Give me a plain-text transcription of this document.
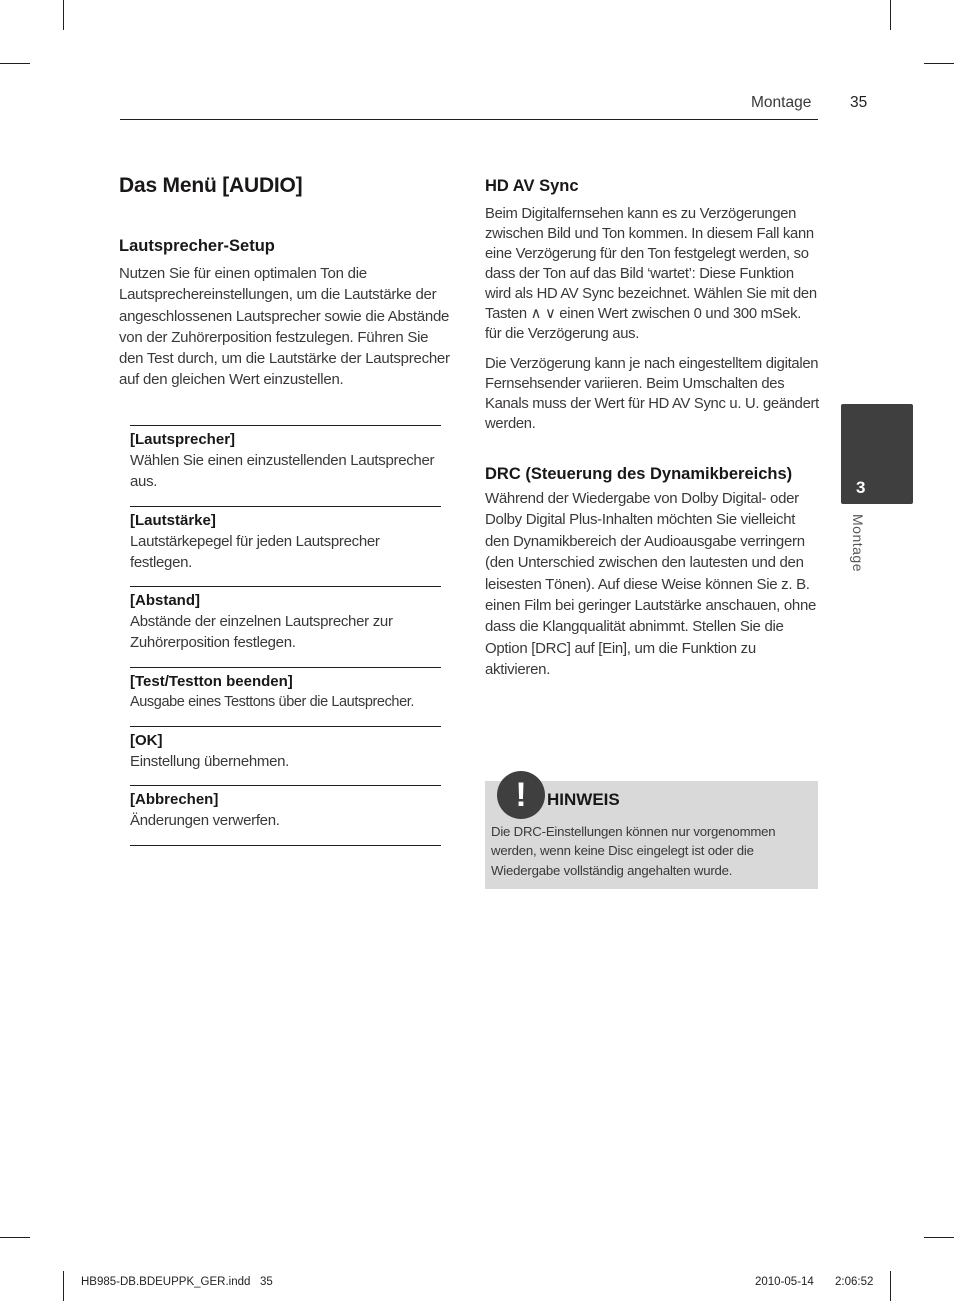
Montage 35
Das Menü [AUDIO]
Lautsprecher-Setup

Nutzen Sie für einen optimalen Ton die Lautsprechereinstellungen, um die Lautstärke der angeschlossenen Lautsprecher sowie die Abstände von der Zuhörerposition festzulegen. Führen Sie den Test durch, um die Lautstärke der Lautsprecher auf den gleichen Wert einzustellen.

[Lautsprecher]
Wählen Sie einen einzustellenden Lautsprecher aus.
[Lautstärke]
Lautstärkepegel für jeden Lautsprecher festlegen.
[Abstand]
Abstände der einzelnen Lautsprecher zur Zuhörerposition festlegen.
[Test/Testton beenden]
Ausgabe eines Testtons über die Lautsprecher.
[OK]
Einstellung übernehmen.
[Abbrechen]
Änderungen verwerfen.
HD AV Sync

Beim Digitalfernsehen kann es zu Verzögerungen zwischen Bild und Ton kommen. In diesem Fall kann eine Verzögerung für den Ton festgelegt werden, so dass der Ton auf das Bild ‘wartet’: Diese Funktion wird als HD AV Sync bezeichnet. Wählen Sie mit den Tasten ∧ ∨ einen Wert zwischen 0 und 300 mSek. für die Verzögerung aus.

Die Verzögerung kann je nach eingestelltem digitalen Fernsehsender variieren. Beim Umschalten des Kanals muss der Wert für HD AV Sync u. U. geändert werden.

DRC (Steuerung des Dynamikbereichs)

Während der Wiedergabe von Dolby Digital- oder Dolby Digital Plus-Inhalten möchten Sie vielleicht den Dynamikbereich der Audioausgabe verringern (den Unterschied zwischen den lautesten und den leisesten Tönen). Auf diese Weise können Sie z. B. einen Film bei geringer Lautstärke anschauen, ohne dass die Klangqualität abnimmt. Stellen Sie die Option [DRC] auf [Ein], um die Funktion zu aktivieren.

!	HINWEIS
Die DRC-Einstellungen können nur vorgenommen werden, wenn keine Disc eingelegt ist oder die Wiedergabe vollständig angehalten wurde.
3
Montage
HB985-DB.BDEUPPK_GER.indd   35	2010-05-14 2:06:52
